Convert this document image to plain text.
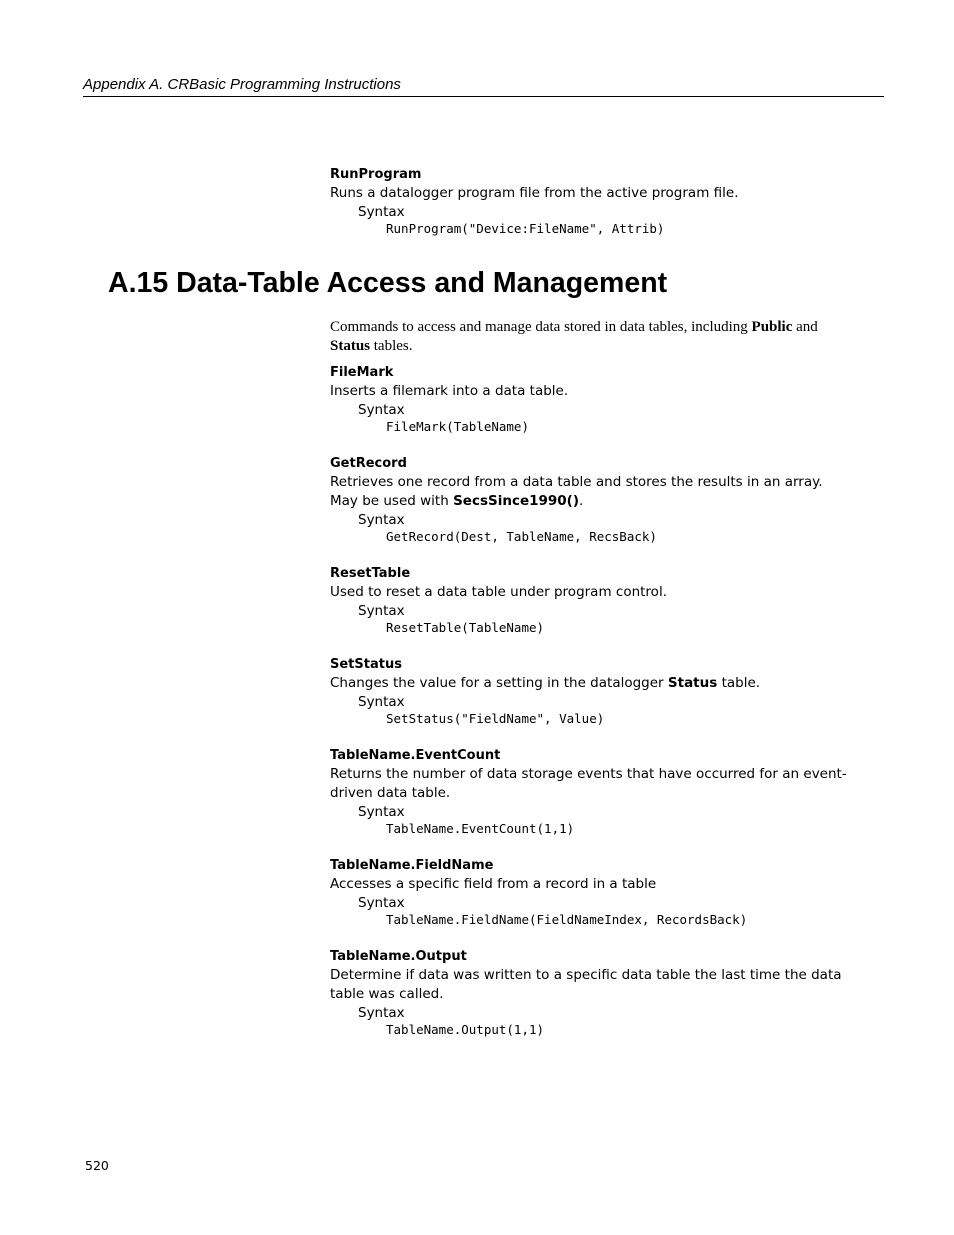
Appendix A. CRBasic Programming Instructions
RunProgram
Runs a datalogger program file from the active program file.
Syntax
RunProgram("Device:FileName", Attrib)
A.15 Data-Table Access and Management
Commands to access and manage data stored in data tables, including Public and Status tables.
FileMark
Inserts a filemark into a data table.
Syntax
FileMark(TableName)
GetRecord
Retrieves one record from a data table and stores the results in an array. May be used with SecsSince1990().
Syntax
GetRecord(Dest, TableName, RecsBack)
ResetTable
Used to reset a data table under program control.
Syntax
ResetTable(TableName)
SetStatus
Changes the value for a setting in the datalogger Status table.
Syntax
SetStatus("FieldName", Value)
TableName.EventCount
Returns the number of data storage events that have occurred for an event-driven data table.
Syntax
TableName.EventCount(1,1)
TableName.FieldName
Accesses a specific field from a record in a table
Syntax
TableName.FieldName(FieldNameIndex, RecordsBack)
TableName.Output
Determine if data was written to a specific data table the last time the data table was called.
Syntax
TableName.Output(1,1)
520
